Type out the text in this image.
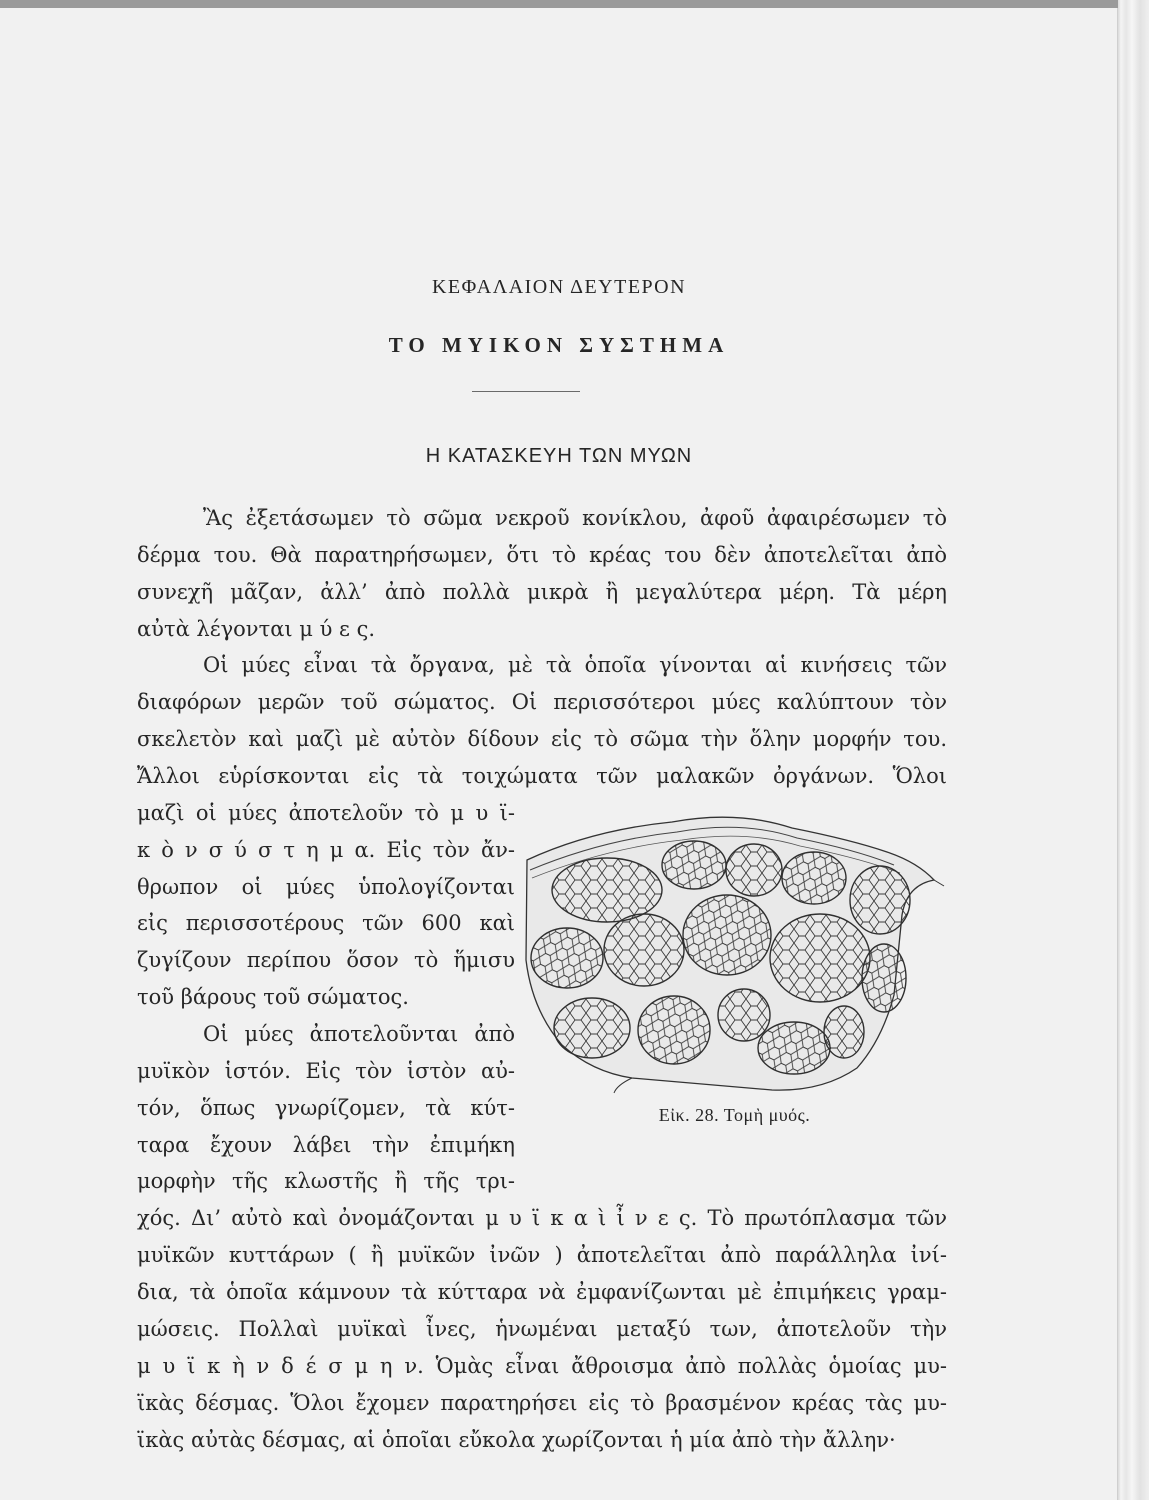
ΚΕΦΑΛΑΙΟΝ ΔΕΥΤΕΡΟΝ
ΤΟ ΜΥΙΚΟΝ ΣΥΣΤΗΜΑ
Η ΚΑΤΑΣΚΕΥΗ ΤΩΝ ΜΥΩΝ
Ἂς ἐξετάσωμεν τὸ σῶμα νεκροῦ κονίκλου, ἀφοῦ ἀφαιρέσωμεν τὸ
δέρμα του. Θὰ παρατηρήσωμεν, ὅτι τὸ κρέας του δὲν ἀποτελεῖται ἀπὸ
συνεχῆ μᾶζαν, ἀλλ’ ἀπὸ πολλὰ μικρὰ ἢ μεγαλύτερα μέρη. Τὰ μέρη
αὐτὰ λέγονται μ ύ ε ς.
Οἱ μύες εἶναι τὰ ὄργανα, μὲ τὰ ὁποῖα γίνονται αἱ κινήσεις τῶν
διαφόρων μερῶν τοῦ σώματος. Οἱ περισσότεροι μύες καλύπτουν τὸν
σκελετὸν καὶ μαζὶ μὲ αὐτὸν δίδουν εἰς τὸ σῶμα τὴν ὅλην μορφήν του.
Ἄλλοι εὑρίσκονται εἰς τὰ τοιχώματα τῶν μαλακῶν ὀργάνων. Ὅλοι
μαζὶ οἱ μύες ἀποτελοῦν τὸ μ υ ϊ-
κ ὸ ν σ ύ σ τ η μ α. Εἰς τὸν ἄν-
θρωπον οἱ μύες ὑπολογίζονται
εἰς περισσοτέρους τῶν 600 καὶ
ζυγίζουν περίπου ὅσον τὸ ἥμισυ
τοῦ βάρους τοῦ σώματος.
Οἱ μύες ἀποτελοῦνται ἀπὸ
μυϊκὸν ἱστόν. Εἰς τὸν ἱστὸν αὐ-
τόν, ὅπως γνωρίζομεν, τὰ κύτ-
ταρα ἔχουν λάβει τὴν ἐπιμήκη
μορφὴν τῆς κλωστῆς ἢ τῆς τρι-
χός. Δι’ αὐτὸ καὶ ὀνομάζονται μ υ ϊ κ α ὶ ἶ ν ε ς. Τὸ πρωτόπλασμα τῶν
μυϊκῶν κυττάρων ( ἢ μυϊκῶν ἰνῶν ) ἀποτελεῖται ἀπὸ παράλληλα ἰνί-
δια, τὰ ὁποῖα κάμνουν τὰ κύτταρα νὰ ἐμφανίζωνται μὲ ἐπιμήκεις γραμ-
μώσεις. Πολλαὶ μυϊκαὶ ἶνες, ἡνωμέναι μεταξύ των, ἀποτελοῦν τὴν
μ υ ϊ κ ὴ ν δ έ σ μ η ν. Ὁμὰς εἶναι ἄθροισμα ἀπὸ πολλὰς ὁμοίας μυ-
ϊκὰς δέσμας. Ὅλοι ἔχομεν παρατηρήσει εἰς τὸ βρασμένον κρέας τὰς μυ-
ϊκὰς αὐτὰς δέσμας, αἱ ὁποῖαι εὔκολα χωρίζονται ἡ μία ἀπὸ τὴν ἄλλην·
Εἰκ. 28. Τομὴ μυός.
